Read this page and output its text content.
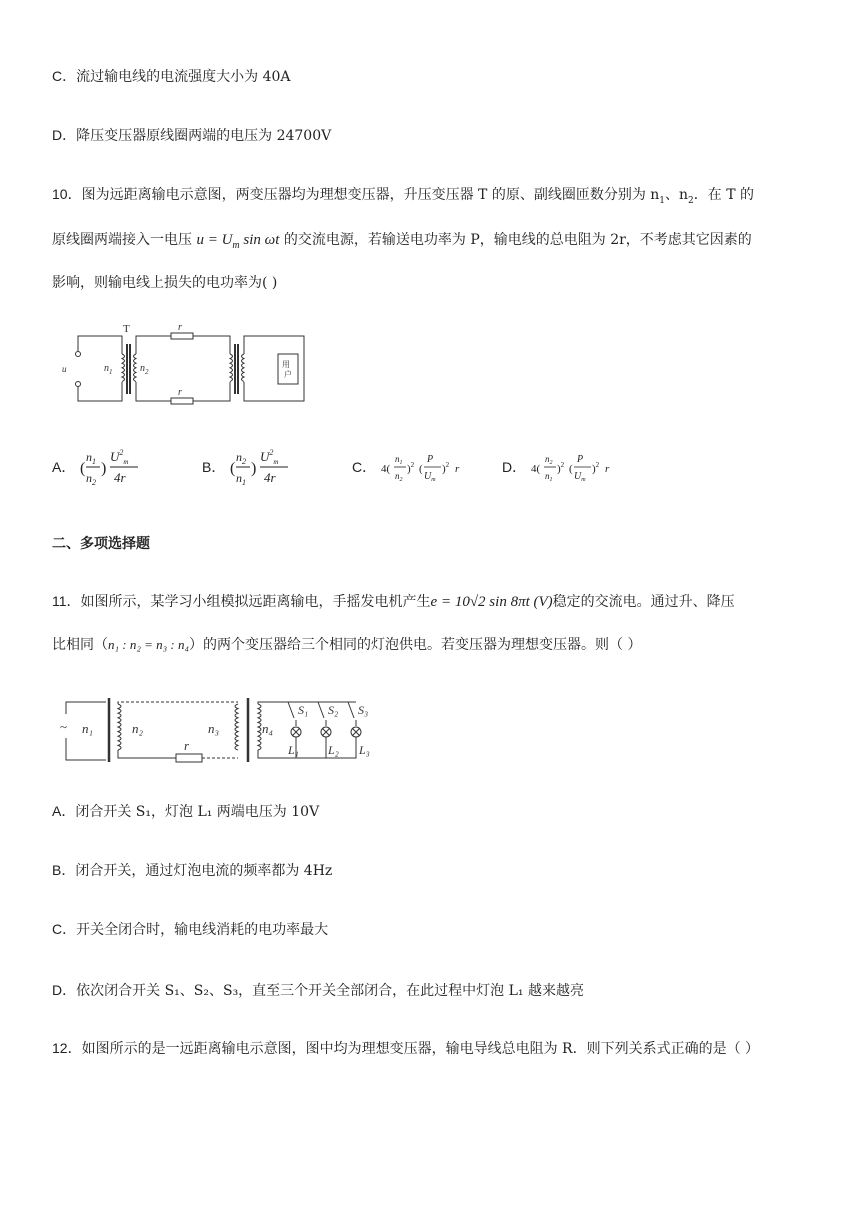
C．流过输电线的电流强度大小为 40A
D．降压变压器原线圈两端的电压为 24700V
10．图为远距离输电示意图，两变压器均为理想变压器，升压变压器 T 的原、副线圈匝数分别为 $n_1$、$n_2$．在 T 的
原线圈两端接入一电压 $u = U_m$ sin ωt 的交流电源，若输送电功率为 P，输电线的总电阻为 2r，不考虑其它因素的
影响，则输电线上损失的电功率为( )
u	$n_1$	$n_2$
T	r
r
用户
A． (
$n_1$
$n_2$
)
$U^2_m$
4r
B． (
$n_2$
$n_1$
)
$U^2_m$
4r
C． 4(
$n_1$
$n_2$
)$^2$ (
P
$U_m$
)$^2$ r	D． 4(
$n_2$
$n_1$
)$^2$ (
P
$U_m$
)$^2$ r
二、多项选择题
11．如图所示，某学习小组模拟远距离输电，手摇发电机产生e = 10√2 sin 8πt (V)稳定的交流电。通过升、降压
比相同（n₁ : n₂ = n₃ : n₄）的两个变压器给三个相同的灯泡供电。若变压器为理想变压器。则（ ）
~ n₁	n₂	n₃	n₄
r
S₁ S₂ S₃
L₁ L₂ L₃
A．闭合开关 S₁，灯泡 L₁ 两端电压为 10V
B．闭合开关，通过灯泡电流的频率都为 4Hz
C．开关全闭合时，输电线消耗的电功率最大
D．依次闭合开关 S₁、S₂、S₃，直至三个开关全部闭合，在此过程中灯泡 L₁ 越来越亮
12．如图所示的是一远距离输电示意图，图中均为理想变压器，输电导线总电阻为 R．则下列关系式正确的是（ ）
